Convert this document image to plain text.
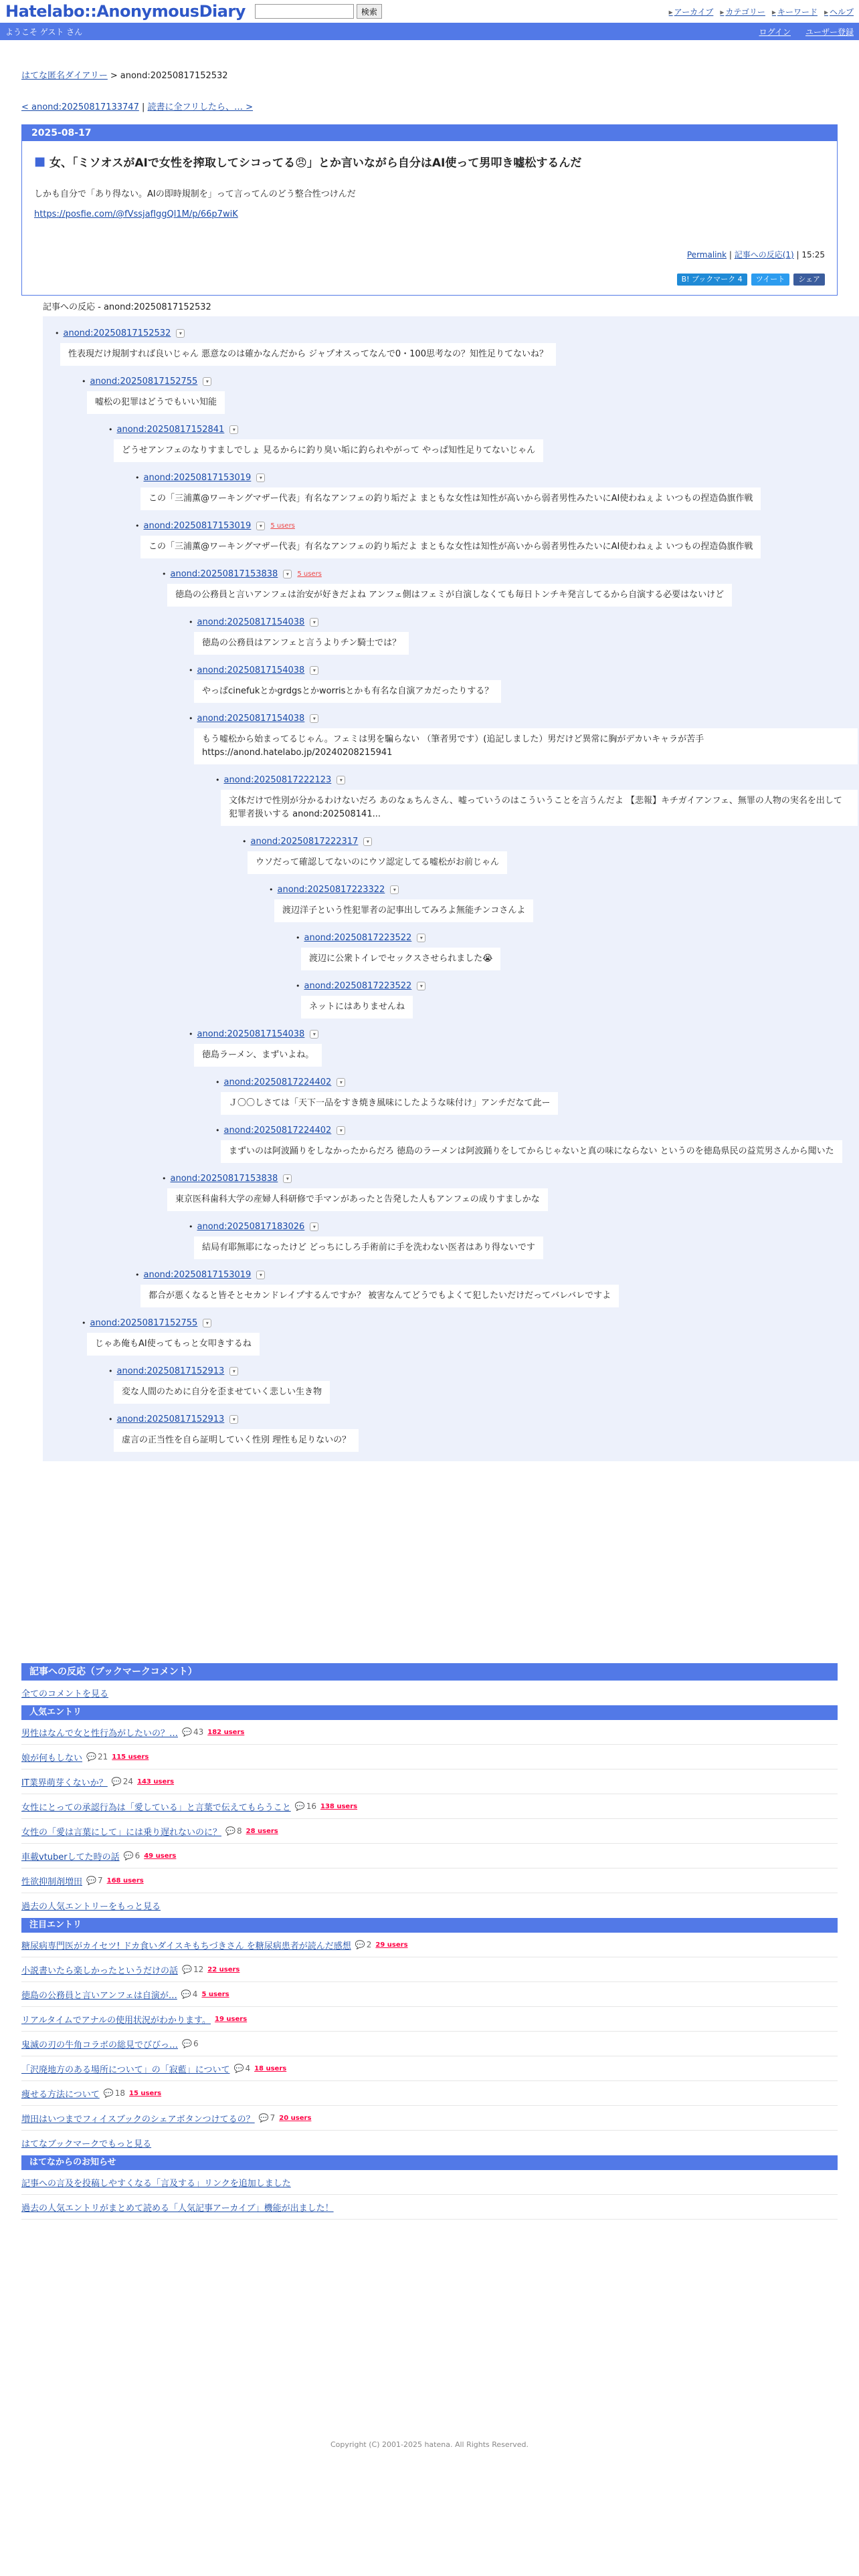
Hatelabo::AnonymousDiary	検索	▸ アーカイブ	▸ カテゴリー	▸ キーワード	▸ ヘルプ
ようこそ ゲスト さん	ログイン ユーザー登録
はてな匿名ダイアリー > anond:20250817152532
< anond:20250817133747 | 読書に全フリしたら、… >
2025-08-17
■ 女、「ミソオスがAIで女性を搾取してシコってる😠」とか言いながら自分はAI使って男叩き嘘松するんだ
しかも自分で「あり得ない。AIの即時規制を」って言ってんのどう整合性つけんだ
https://posfie.com/@fVssjafIggQl1M/p/66p7wiK
Permalink | 記事への反応(1) | 15:25
B! ブックマーク 4	ツイート	シェア
記事への反応 - anond:20250817152532
• anond:20250817152532	▾
性表現だけ規制すれば良いじゃん 悪意なのは確かなんだから ジャプオスってなんで0・100思考なの？知性足りてないね？
• anond:20250817152755	▾
嘘松の犯罪はどうでもいい知能
• anond:20250817152841	▾
どうせアンフェのなりすましでしょ 見るからに釣り臭い垢に釣られやがって やっぱ知性足りてないじゃん
• anond:20250817153019	▾
この「三浦薫@ワーキングマザー代表」有名なアンフェの釣り垢だよ まともな女性は知性が高いから弱者男性みたいにAI使わねぇよ いつもの捏造偽旗作戦
• anond:20250817153019	▾	5 users
この「三浦薫@ワーキングマザー代表」有名なアンフェの釣り垢だよ まともな女性は知性が高いから弱者男性みたいにAI使わねぇよ いつもの捏造偽旗作戦
• anond:20250817153838	▾	5 users
徳島の公務員と言いアンフェは治安が好きだよね アンフェ側はフェミが自演しなくても毎日トンチキ発言してるから自演する必要はないけど
• anond:20250817154038	▾
徳島の公務員はアンフェと言うよりチン騎士では？
• anond:20250817154038	▾
やっぱcinefukとかgrdgsとかworrisとかも有名な自演アカだったりする？
• anond:20250817154038	▾
もう嘘松から始まってるじゃん。フェミは男を騙らない （筆者男です）(追記しました）男だけど異常に胸がデカいキャラが苦手 https://anond.hatelabo.jp/20240208215941
• anond:20250817222123	▾
文体だけで性別が分かるわけないだろ あのなぁちんさん、嘘っていうのはこういうことを言うんだよ 【悲報】キチガイアンフェ、無罪の人物の実名を出して犯罪者扱いする anond:202508141...
• anond:20250817222317	▾
ウソだって確認してないのにウソ認定してる嘘松がお前じゃん
• anond:20250817223322	▾
渡辺洋子という性犯罪者の記事出してみろよ無能チンコさんよ
• anond:20250817223522	▾
渡辺に公衆トイレでセックスさせられました😭
• anond:20250817223522	▾
ネットにはありませんね
• anond:20250817154038	▾
徳島ラーメン、まずいよね。
• anond:20250817224402	▾
Ｊ〇〇しさては「天下一品をすき焼き風味にしたような味付け」アンチだなて此ー
• anond:20250817224402	▾
まずいのは阿波踊りをしなかったからだろ 徳島のラーメンは阿波踊りをしてからじゃないと真の味にならない というのを徳島県民の益荒男さんから聞いた
• anond:20250817153838	▾
東京医科歯科大学の産婦人科研修で手マンがあったと告発した人もアンフェの成りすましかな
• anond:20250817183026	▾
結局有耶無耶になったけど どっちにしろ手術前に手を洗わない医者はあり得ないです
• anond:20250817153019	▾
都合が悪くなると皆そとセカンドレイプするんですか？ 被害なんてどうでもよくて犯したいだけだってバレバレですよ
• anond:20250817152755	▾
じゃあ俺もAI使ってもっと女叩きするね
• anond:20250817152913	▾
変な人間のために自分を歪ませていく悲しい生き物
• anond:20250817152913	▾
虚言の正当性を自ら証明していく性別 理性も足りないの？
記事への反応（ブックマークコメント）
全てのコメントを見る
人気エントリ
男性はなんで女と性行為がしたいの？…	💬 43 182 users
娘が何もしない	💬 21 115 users
IT業界萌芽くないか？	💬 24 143 users
女性にとっての承認行為は「愛している」と言葉で伝えてもらうこと	💬 16 138 users
女性の「愛は言葉にして」には乗り遅れないのに？	💬 8 28 users
車載vtuberしてた時の話	💬 6 49 users
性欲抑制剤増田	💬 7 168 users
過去の人気エントリーをもっと見る
注目エントリ
糖尿病専門医がカイセツ! ドカ食いダイスキもちづきさん を糖尿病患者が読んだ感想	💬 2 29 users
小説書いたら楽しかったというだけの話	💬 12 22 users
徳島の公務員と言いアンフェは自演が…	💬 4 5 users
リアルタイムでアナルの使用状況がわかります。 19 users
鬼滅の刃の牛角コラボの総見でびびっ…	💬 6
「沢廃地方のある場所について」の「寂藍」について	💬 4 18 users
痩せる方法について	💬 18 15 users
増田はいつまでフィイスブックのシェアボタンつけてるの？	💬 7 20 users
はてなブックマークでもっと見る
はてなからのお知らせ
記事への言及を投稿しやすくなる「言及する」リンクを追加しました
過去の人気エントリがまとめて読める「人気記事アーカイブ」機能が出ました！
Copyright (C) 2001-2025 hatena. All Rights Reserved.
